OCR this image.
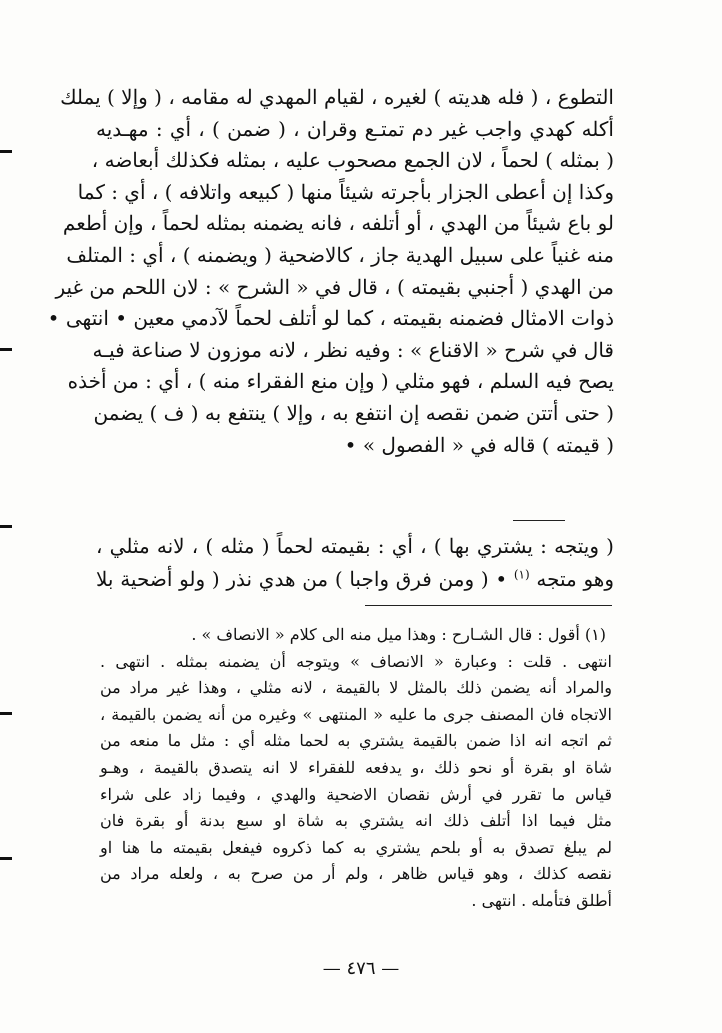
التطوع ، ( فله هديته ) لغيره ، لقيام المهدي له مقامه ، ( وإلا ) يملك
أكله كهدي واجب غير دم تمتـع وقران ، ( ضمن ) ، أي : مهـديه
( بمثله ) لحماً ، لان الجمع مصحوب عليه ، بمثله فكذلك أبعاضه ،
وكذا إن أعطى الجزار بأجرته شيئاً منها ( كبيعه واتلافه ) ، أي : كما
لو باع شيئاً من الهدي ، أو أتلفه ، فانه يضمنه بمثله لحماً ، وإن أطعم
منه غنياً على سبيل الهدية جاز ، كالاضحية ( ويضمنه ) ، أي : المتلف
من الهدي ( أجنبي بقيمته ) ، قال في « الشرح » : لان اللحم من غير
ذوات الامثال فضمنه بقيمته ، كما لو أتلف لحماً لآدمي معين • انتهى •
قال في شرح « الاقناع » : وفيه نظر ، لانه موزون لا صناعة فيـه
يصح فيه السلم ، فهو مثلي ( وإن منع الفقراء منه ) ، أي : من أخذه
( حتى أتتن ضمن نقصه إن انتفع به ، وإلا ) ينتفع به ( ف ) يضمن
( قيمته ) قاله في « الفصول » •
( ويتجه : يشتري بها ) ، أي : بقيمته لحماً ( مثله ) ، لانه مثلي ،
وهو متجه $^{(١)}$ • ( ومن فرق واجبا ) من هدي نذر ( ولو أضحية بلا
(١) أقول : قال الشـارح : وهذا ميل منه الى كلام « الانصاف » .
انتهى . قلت : وعبارة « الانصاف » ويتوجه أن يضمنه بمثله . انتهى .
والمراد أنه يضمن ذلك بالمثل لا بالقيمة ، لانه مثلي ، وهذا غير مراد من
الاتجاه فان المصنف جرى ما عليه « المنتهى » وغيره من أنه يضمن بالقيمة ،
ثم اتجه انه اذا ضمن بالقيمة يشتري به لحما مثله أي : مثل ما منعه من
شاة او بقرة أو نحو ذلك ،و يدفعه للفقراء لا انه يتصدق بالقيمة ، وهـو
قياس ما تقرر في أرش نقصان الاضحية والهدي ، وفيما زاد على شراء
مثل فيما اذا أتلف ذلك انه يشتري به شاة او سبع بدنة أو بقرة فان
لم يبلغ تصدق به أو بلحم يشتري به كما ذكروه فيفعل بقيمته ما هنا او
نقصه كذلك ، وهو قياس ظاهر ، ولم أر من صرح به ، ولعله مراد من
أطلق فتأمله . انتهى .
— ٤٧٦ —
